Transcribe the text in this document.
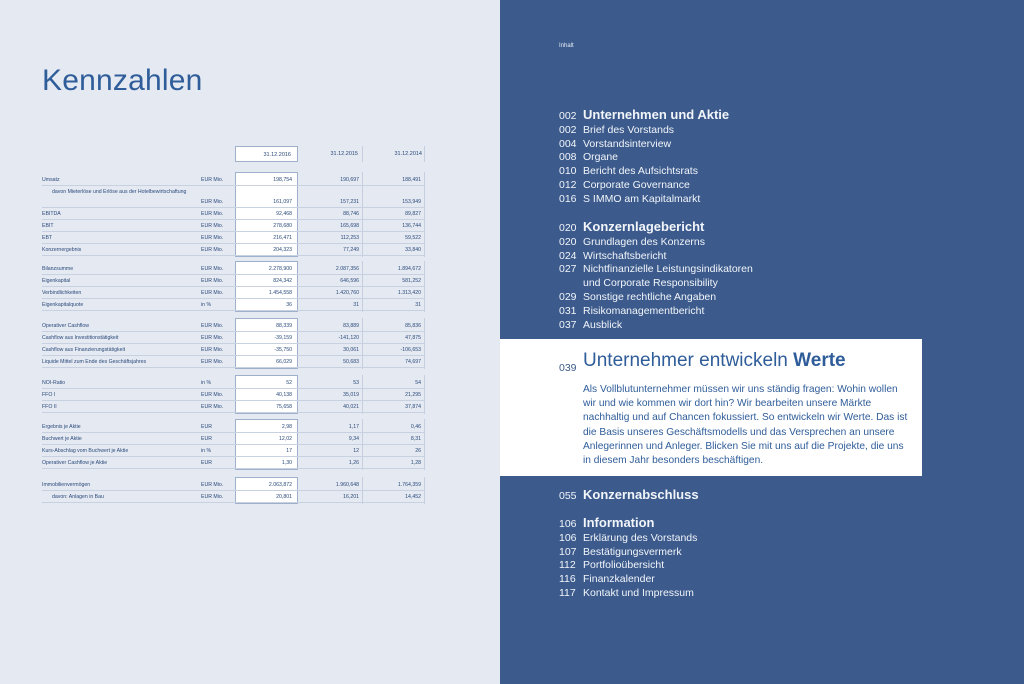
Kennzahlen
31.12.2016	31.12.2015	31.12.2014
Umsatz	EUR Mio.	198,754	190,697	188,491
davon Mieterlöse und Erlöse aus der Hotelbewirtschaftung
EUR Mio.	161,097	157,231	153,949
EBITDA	EUR Mio.	92,468	88,746	89,827
EBIT	EUR Mio.	278,680	165,698	136,744
EBT	EUR Mio.	216,471	112,253	59,522
Konzernergebnis	EUR Mio.	204,323	77,249	33,840
Bilanzsumme	EUR Mio.	2.278,900	2.087,356	1.894,672
Eigenkapital	EUR Mio.	824,342	646,596	581,252
Verbindlichkeiten	EUR Mio.	1.454,558	1.420,760	1.313,420
Eigenkapitalquote	in %	36	31	31
Operativer Cashflow	EUR Mio.	88,339	83,889	85,836
Cashflow aus Investitionstätigkeit	EUR Mio.	-39,159	-141,120	47,875
Cashflow aus Finanzierungstätigkeit	EUR Mio.	-35,750	30,061	-106,653
Liquide Mittel zum Ende des Geschäftsjahres	EUR Mio.	66,029	50,683	74,697
NOI-Ratio	in %	52	53	54
FFO I	EUR Mio.	40,138	35,019	21,295
FFO II	EUR Mio.	75,658	40,021	37,874
Ergebnis je Aktie	EUR	2,98	1,17	0,46
Buchwert je Aktie	EUR	12,02	9,34	8,31
Kurs-Abschlag vom Buchwert je Aktie	in %	17	12	26
Operativer Cashflow je Aktie	EUR	1,30	1,26	1,28
Immobilienvermögen	EUR Mio.	2.063,872	1.960,648	1.764,359
davon: Anlagen in Bau	EUR Mio.	20,801	16,201	14,452
Inhalt
002 Unternehmen und Aktie
002 Brief des Vorstands
004 Vorstandsinterview
008 Organe
010 Bericht des Aufsichtsrats
012 Corporate Governance
016 S IMMO am Kapitalmarkt
020 Konzernlagebericht
020 Grundlagen des Konzerns
024 Wirtschaftsbericht
027 Nichtfinanzielle Leistungsindikatoren
und Corporate Responsibility
029 Sonstige rechtliche Angaben
031 Risikomanagementbericht
037 Ausblick
055 Konzernabschluss
106 Information
106 Erklärung des Vorstands
107 Bestätigungsvermerk
112 Portfolioübersicht
116 Finanzkalender
117 Kontakt und Impressum
039 Unternehmer entwickeln Werte
Als Vollblutunternehmer müssen wir uns ständig fragen: Wohin wollen wir und wie kommen wir dort hin? Wir bearbeiten unsere Märkte nachhaltig und auf Chancen fokussiert. So entwickeln wir Werte. Das ist die Basis unseres Geschäftsmodells und das Versprechen an unsere Anlegerinnen und Anleger. Blicken Sie mit uns auf die Projekte, die uns in diesem Jahr besonders beschäftigen.
